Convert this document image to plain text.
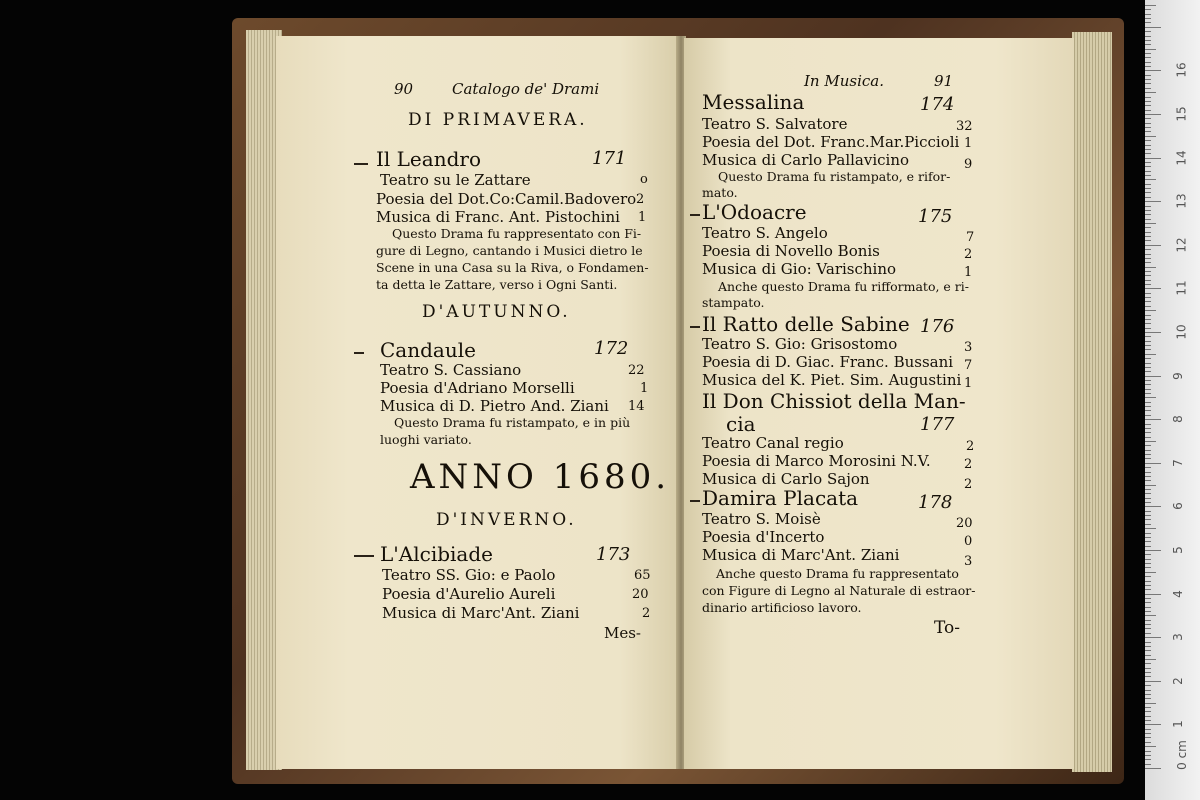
90	Catalogo de' Drami
DI PRIMAVERA.
Il Leandro	171
Teatro su le Zattare	o
Poesia del Dot.Co:Camil.Badovero 2
Musica di Franc. Ant. Pistochini 1
Questo Drama fu rappresentato con Fi-
gure di Legno, cantando i Musici dietro le
Scene in una Casa su la Riva, o Fondamen-
ta detta le Zattare, verso i Ogni Santi.
D'AUTUNNO.
Candaule	172
Teatro S. Cassiano	22
Poesia d'Adriano Morselli	1
Musica di D. Pietro And. Ziani 14
Questo Drama fu ristampato, e in più
luoghi variato.
ANNO 1680.
D'INVERNO.
L'Alcibiade	173
Teatro SS. Gio: e Paolo	65
Poesia d'Aurelio Aureli	20
Musica di Marc'Ant. Ziani	2
Mes-
In Musica.	91
Messalina	174
Teatro S. Salvatore	32
Poesia del Dot. Franc.Mar.Piccioli 1
Musica di Carlo Pallavicino	9
Questo Drama fu ristampato, e rifor-
mato.
L'Odoacre	175
Teatro S. Angelo	7
Poesia di Novello Bonis	2
Musica di Gio: Varischino	1
Anche questo Drama fu rifformato, e ri-
stampato.
Il Ratto delle Sabine 176
Teatro S. Gio: Grisostomo	3
Poesia di D. Giac. Franc. Bussani 7
Musica del K. Piet. Sim. Augustini 1
Il Don Chissiot della Man-
cia	177
Teatro Canal regio	2
Poesia di Marco Morosini N.V.	2
Musica di Carlo Sajon	2
Damira Placata	178
Teatro S. Moisè	20
Poesia d'Incerto	0
Musica di Marc'Ant. Ziani	3
Anche questo Drama fu rappresentato
con Figure di Legno al Naturale di estraor-
dinario artificioso lavoro.
To-
0 cm
1
2
3
4
5
6
7
8
9
10
11
12
13
14
15
16
